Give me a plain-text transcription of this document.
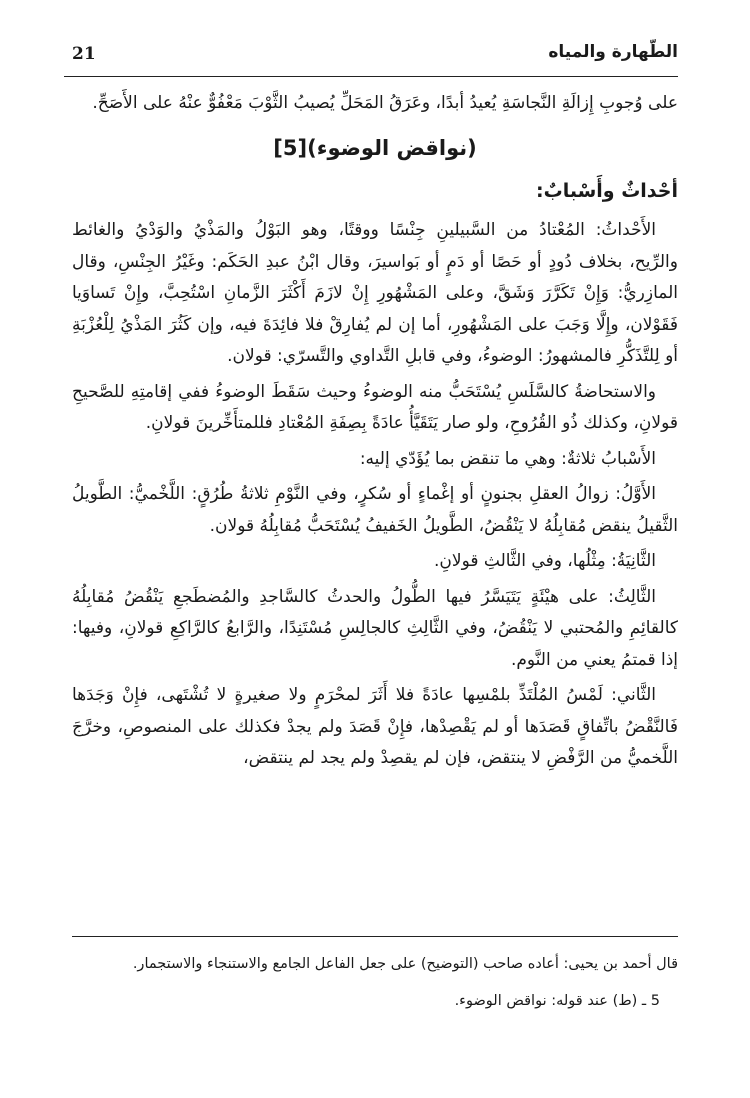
21	الطّهارة والمياه

على وُجوبِ إِزالَةِ النَّجاسَةِ يُعيدُ أبدًا، وعَرَقُ المَحَلِّ يُصيبُ الثَّوْبَ مَعْفُوٌّ عنْهُ على الأَصَحِّ.

(نواقض الوضوء)[5]

أحْداثٌ وأَسْبابٌ:

الأَحْداثُ: المُعْتادُ من السَّبيلينِ جِنْسًا ووقتًا، وهو البَوْلُ والمَذْيُ والوَدْيُ والغائط والرِّيح، بخلاف دُودٍ أو حَصًا أو دَمٍ أو بَواسيرَ، وقال ابْنُ عبدِ الحَكَم: وغَيْرُ الجِنْسِ، وقال المازِريُّ: وَإِنْ تَكَرَّرَ وَشَقَّ، وعلى المَشْهُورِ إِنْ لازَمَ أَكْثَرَ الزَّمانِ اسْتُحِبَّ، وإِنْ تَساوَيا فَقَوْلان، وإِلَّا وَجَبَ على المَشْهُورِ، أما إن لم يُفارِقْ فلا فائِدَةَ فيه، وإن كَثُرَ المَذْيُ لِلْعُزْبَةِ أو لِلتَّذَكُّرِ فالمشهورُ: الوضوءُ، وفي قابلِ التَّداوي والتَّسرّي: قولان.

والاستحاضةُ كالسَّلَسِ يُسْتَحَبُّ منه الوضوءُ وحيث سَقَطَ الوضوءُ ففي إقامتِهِ للصَّحيحِ قولانِ، وكذلك ذُو القُرُوحِ، ولو صار يَتَقَيَّأُ عادَةً بِصِفَةِ المُعْتادِ فللمتأَخِّرينَ قولانِ.

الأَسْبابُ ثلاثةٌ: وهي ما تنقض بما يُؤَدّي إليه:

الأَوَّلُ: زوالُ العقلِ بجنونٍ أو إغْماءٍ أو سُكرٍ، وفي النَّوْمِ ثلاثةُ طُرُقٍ: اللَّخْميُّ: الطَّويلُ الثَّقيلُ ينقض مُقابِلُهُ لا يَنْقُضُ، الطَّويلُ الخَفيفُ يُسْتَحَبُّ مُقابِلُهُ قولان.

الثَّانِيَةُ: مِثْلُها، وفي الثَّالثِ قولانِ.

الثَّالِثُ: على هيْئَةٍ يَتَيَسَّرُ فيها الطُّولُ والحدثُ كالسَّاجدِ والمُضطَجعِ يَنْقُضُ مُقابِلُهُ كالقائِمِ والمُحتبي لا يَنْقُضُ، وفي الثَّالِثِ كالجالِسِ مُسْتَنِدًا، والرَّابعُ كالرَّاكِعِ قولانِ، وفيها: إذا قمتمُ يعني من النَّوم.

الثَّاني: لَمْسُ المُلْتَذِّ بلمْسِها عادَةً فلا أَثَرَ لمحْرَمٍ ولا صغيرةٍ لا تُشْتَهى، فإِنْ وَجَدَها فَالنَّقْضُ باتِّفاقٍ قَصَدَها أو لم يَقْصِدْها، فإِنْ قَصَدَ ولم يجدْ فكذلك على المنصوصِ، وخرَّجَ اللَّخميُّ من الرَّفْضِ لا ينتقض، فإن لم يقصِدْ ولم يجد لم ينتقض،

قال أحمد بن يحيى: أعاده صاحب (التوضيح) على جعل الفاعل الجامع والاستنجاء والاستجمار.

5 ـ (ط) عند قوله: نواقض الوضوء.
